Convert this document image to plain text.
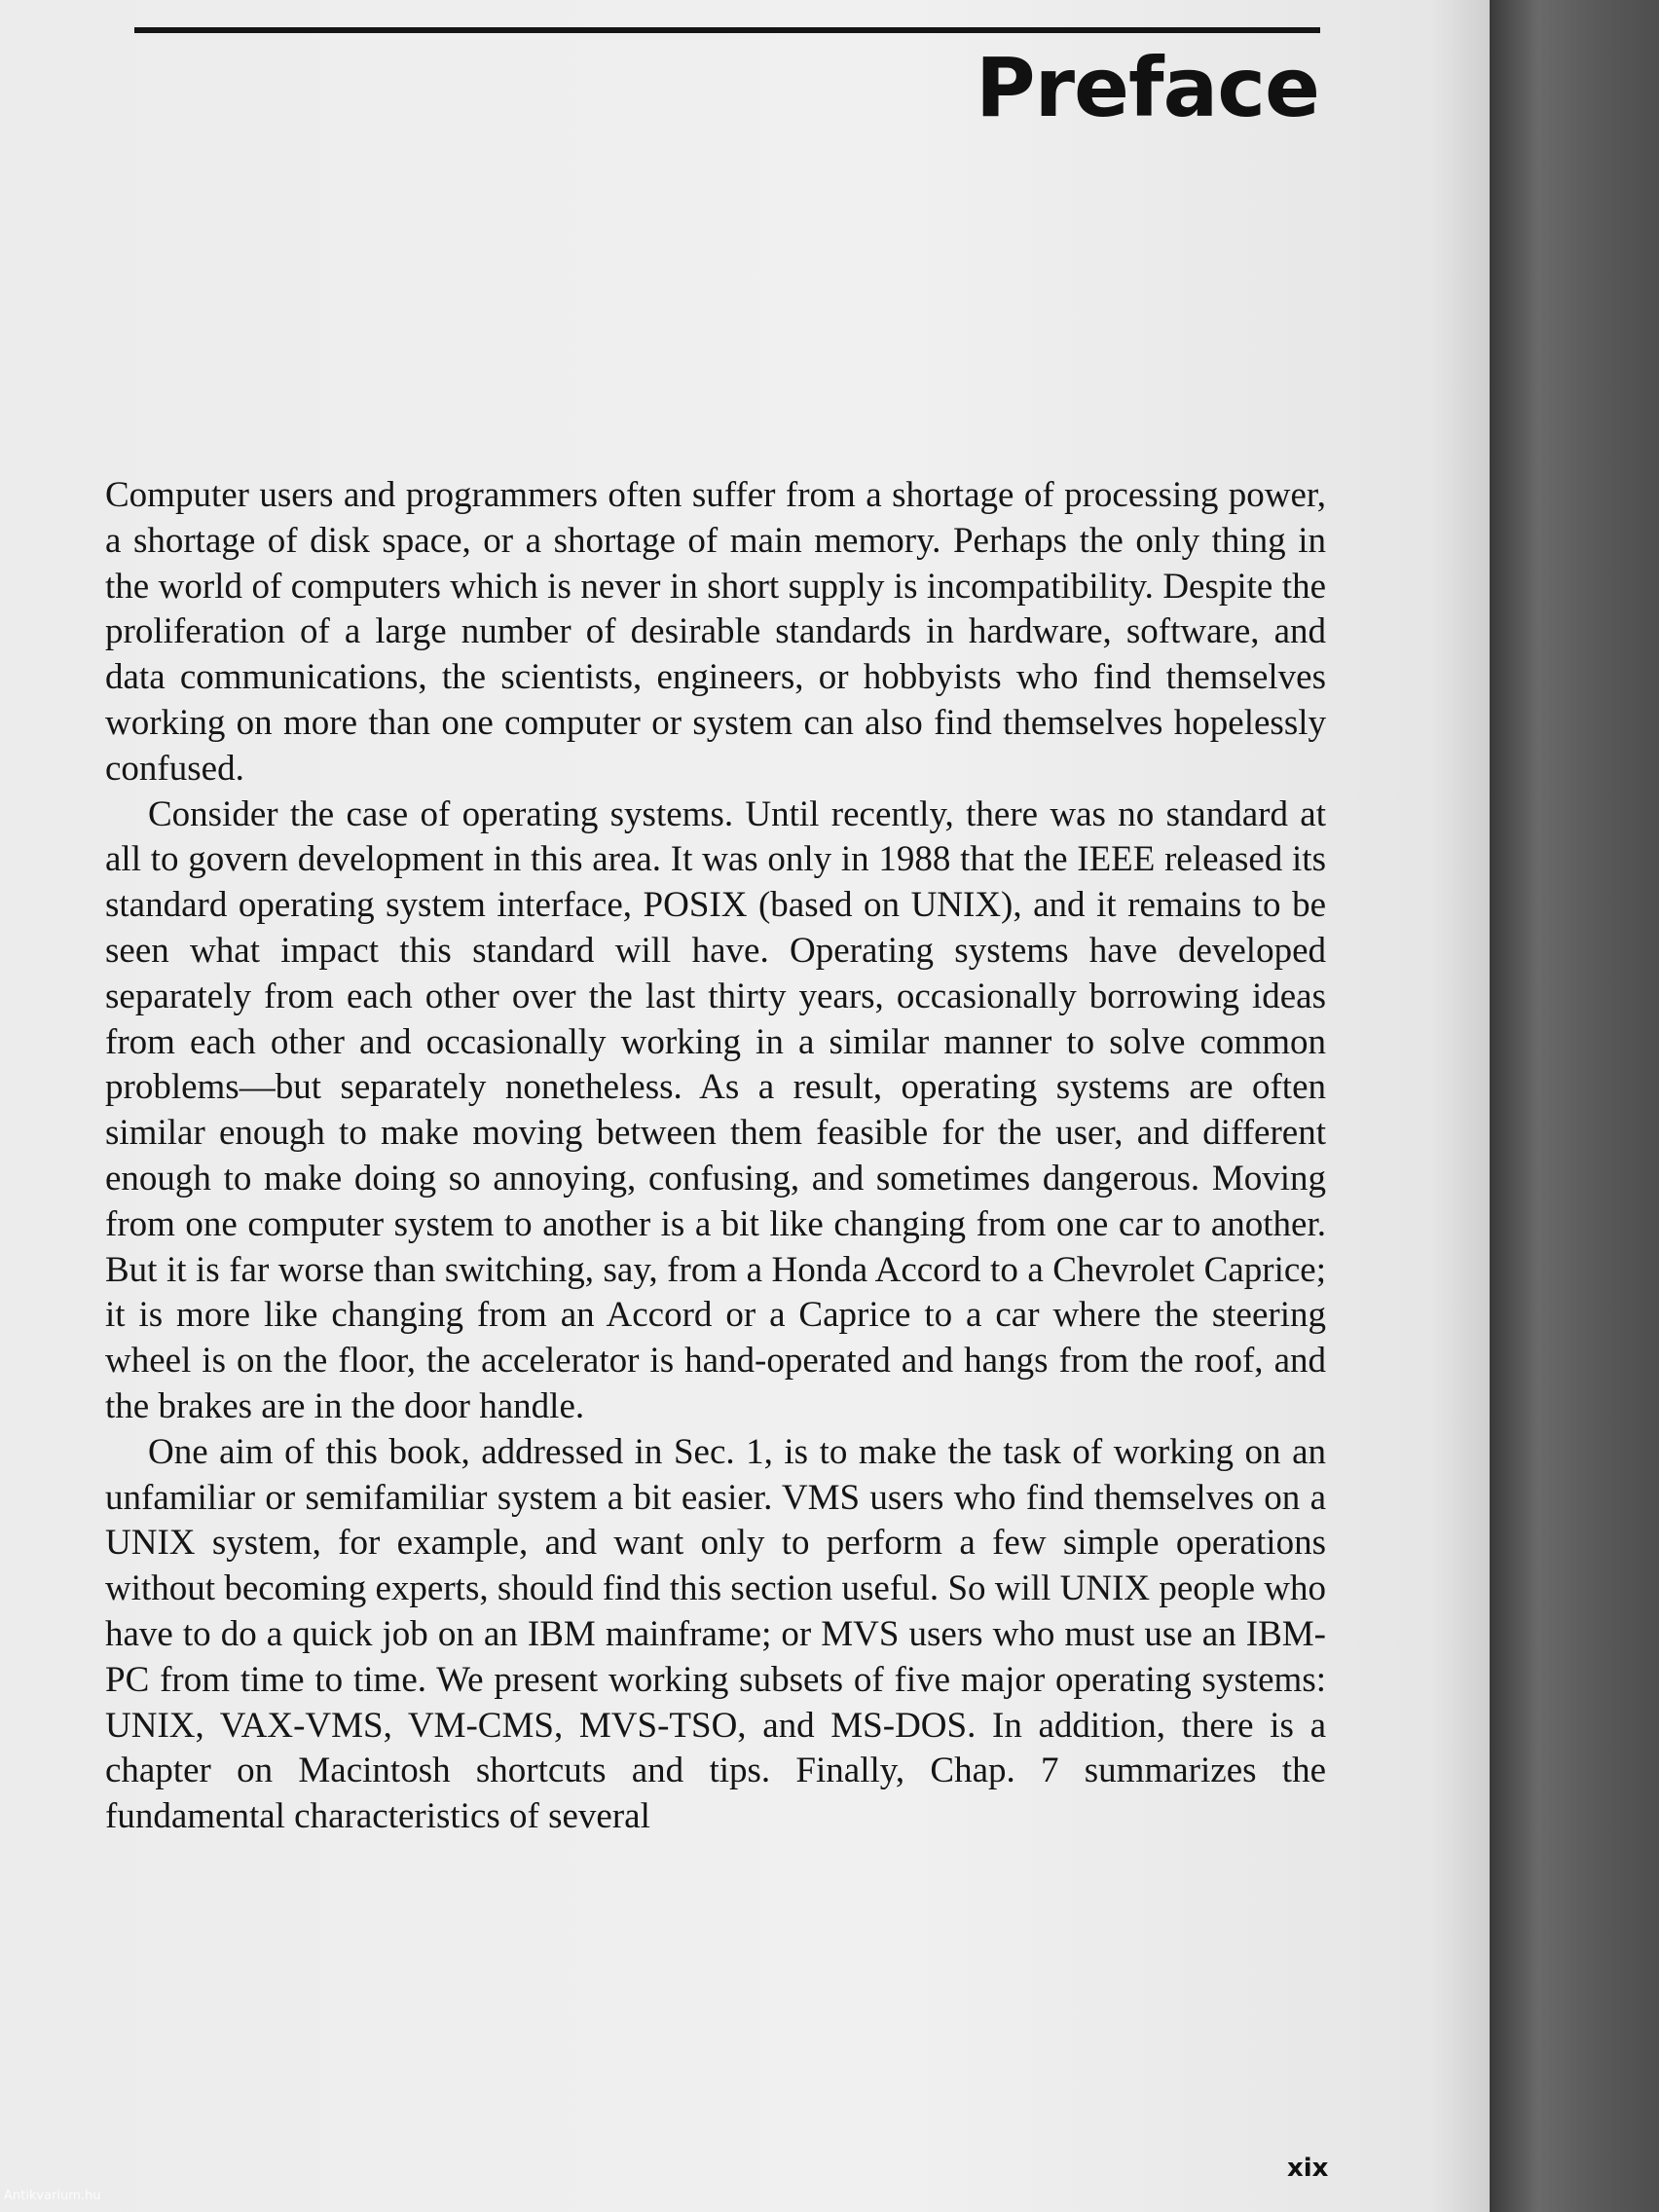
Preface

Computer users and programmers often suffer from a shortage of processing power, a shortage of disk space, or a shortage of main memory. Perhaps the only thing in the world of computers which is never in short supply is incompatibility. Despite the proliferation of a large number of desirable standards in hardware, software, and data communications, the scientists, engineers, or hobbyists who find themselves working on more than one computer or system can also find themselves hopelessly confused.

Consider the case of operating systems. Until recently, there was no standard at all to govern development in this area. It was only in 1988 that the IEEE released its standard operating system interface, POSIX (based on UNIX), and it remains to be seen what impact this standard will have. Operating systems have developed separately from each other over the last thirty years, occasionally borrowing ideas from each other and occasionally working in a similar manner to solve common problems—but separately nonetheless. As a result, operating systems are often similar enough to make moving between them feasible for the user, and different enough to make doing so annoying, confusing, and sometimes dangerous. Moving from one computer system to another is a bit like changing from one car to another. But it is far worse than switching, say, from a Honda Accord to a Chevrolet Caprice; it is more like changing from an Accord or a Caprice to a car where the steering wheel is on the floor, the accelerator is hand-operated and hangs from the roof, and the brakes are in the door handle.

One aim of this book, addressed in Sec. 1, is to make the task of working on an unfamiliar or semifamiliar system a bit easier. VMS users who find themselves on a UNIX system, for example, and want only to perform a few simple operations without becoming experts, should find this section useful. So will UNIX people who have to do a quick job on an IBM mainframe; or MVS users who must use an IBM-PC from time to time. We present working subsets of five major operating systems: UNIX, VAX-VMS, VM-CMS, MVS-TSO, and MS-DOS. In addition, there is a chapter on Macintosh shortcuts and tips. Finally, Chap. 7 summarizes the fundamental characteristics of several

xix
Antikvarium.hu
